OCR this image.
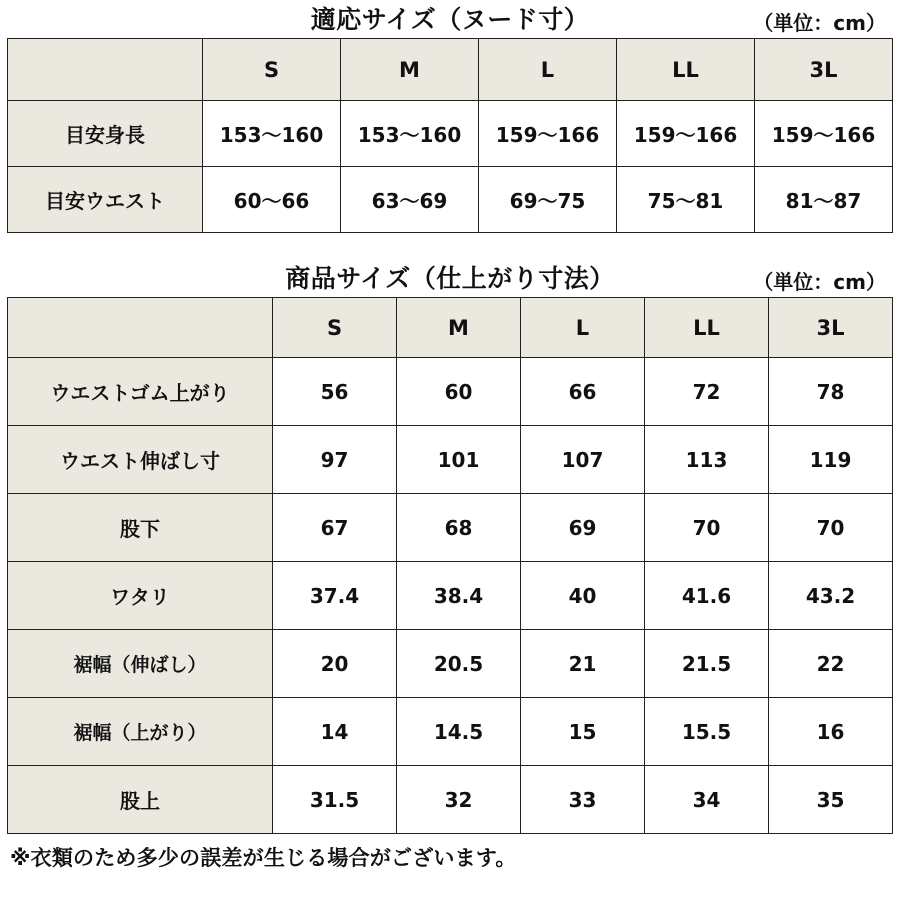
適応サイズ（ヌード寸）	（単位：cm）
	S	M	L	LL	3L
目安身長	153〜160	153〜160	159〜166	159〜166	159〜166
目安ウエスト	60〜66	63〜69	69〜75	75〜81	81〜87
商品サイズ（仕上がり寸法）	（単位：cm）
	S	M	L	LL	3L
ウエストゴム上がり	56	60	66	72	78
ウエスト伸ばし寸	97	101	107	113	119
股下	67	68	69	70	70
ワタリ	37.4	38.4	40	41.6	43.2
裾幅（伸ばし）	20	20.5	21	21.5	22
裾幅（上がり）	14	14.5	15	15.5	16
股上	31.5	32	33	34	35
※衣類のため多少の誤差が生じる場合がございます。
